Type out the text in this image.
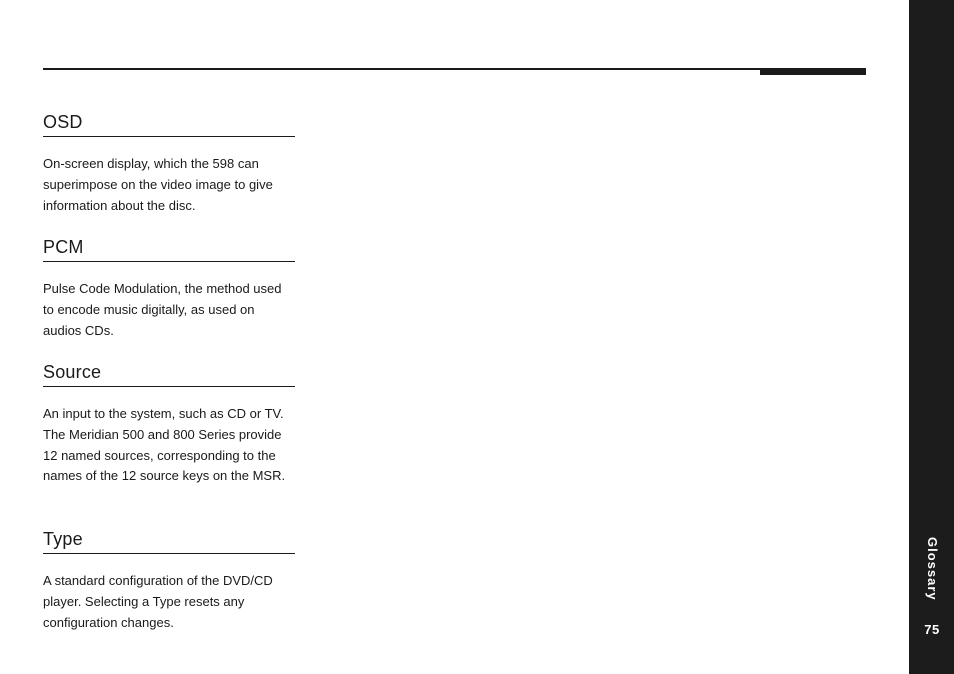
OSD

On-screen display, which the 598 can superimpose on the video image to give information about the disc.

PCM

Pulse Code Modulation, the method used to encode music digitally, as used on audios CDs.

Source

An input to the system, such as CD or TV. The Meridian 500 and 800 Series provide 12 named sources, corresponding to the names of the 12 source keys on the MSR.

Type

A standard configuration of the DVD/CD player. Selecting a Type resets any configuration changes.

Glossary
75
